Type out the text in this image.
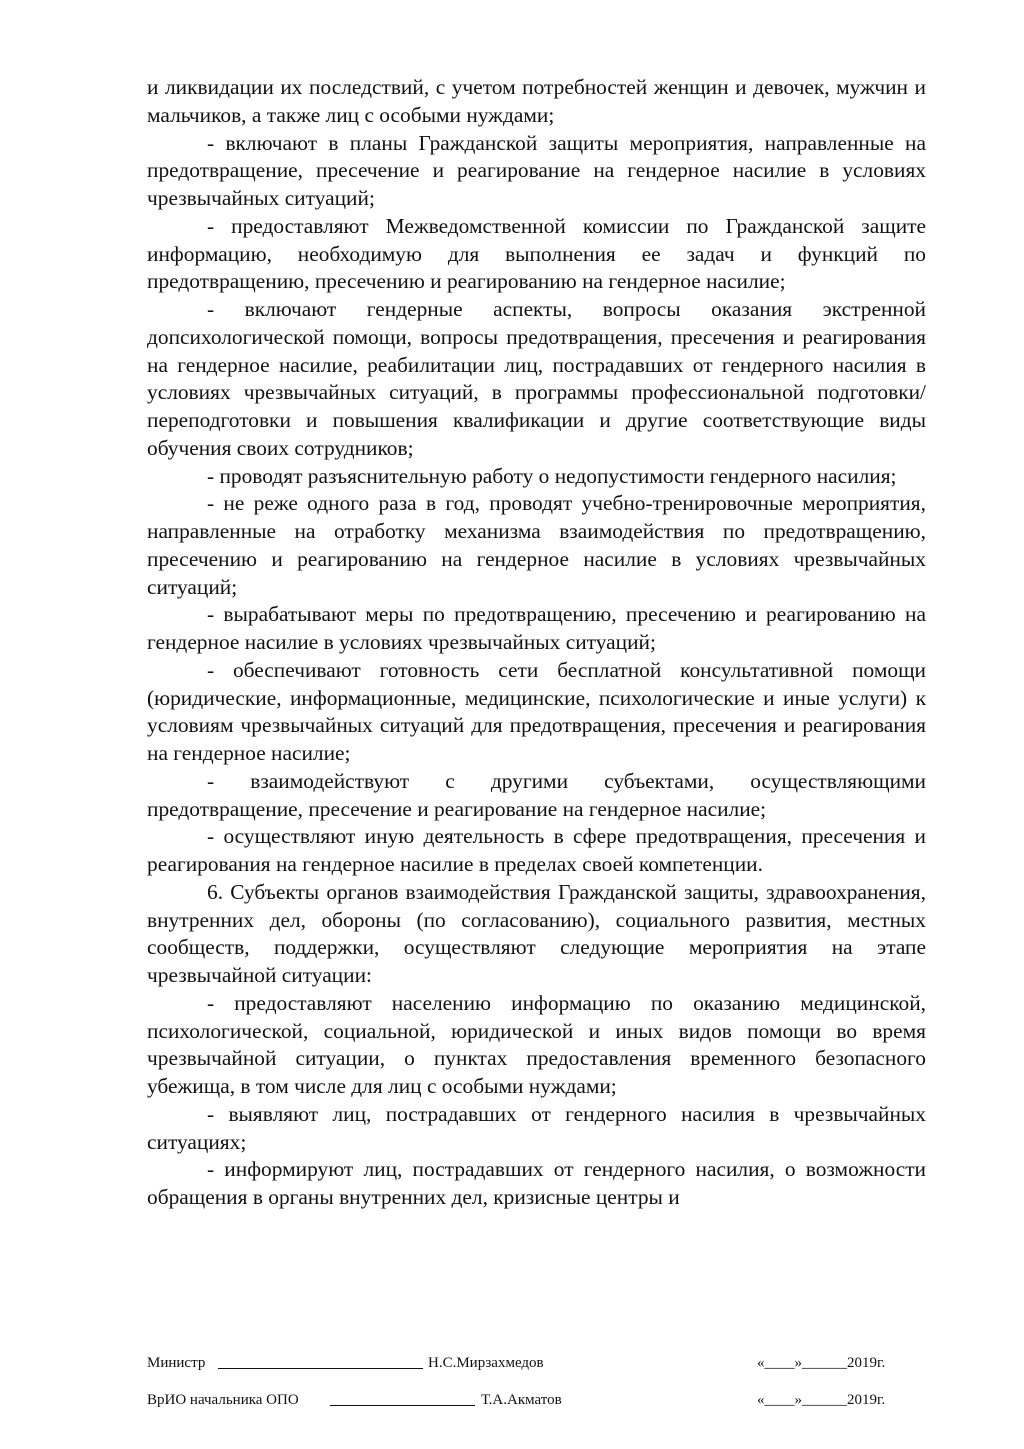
и ликвидации их последствий, с учетом потребностей женщин и девочек, мужчин и мальчиков, а также лиц с особыми нуждами;

- включают в планы Гражданской защиты мероприятия, направленные на предотвращение, пресечение и реагирование на гендерное насилие в условиях чрезвычайных ситуаций;

- предоставляют Межведомственной комиссии по Гражданской защите информацию, необходимую для выполнения ее задач и функций по предотвращению, пресечению и реагированию на гендерное насилие;

- включают гендерные аспекты, вопросы оказания экстренной допсихологической помощи, вопросы предотвращения, пресечения и реагирования на гендерное насилие, реабилитации лиц, пострадавших от гендерного насилия в условиях чрезвычайных ситуаций, в программы профессиональной подготовки/переподготовки и повышения квалификации и другие соответствующие виды обучения своих сотрудников;

- проводят разъяснительную работу о недопустимости гендерного насилия;

- не реже одного раза в год, проводят учебно-тренировочные мероприятия, направленные на отработку механизма взаимодействия по предотвращению, пресечению и реагированию на гендерное насилие в условиях чрезвычайных ситуаций;

- вырабатывают меры по предотвращению, пресечению и реагированию на гендерное насилие в условиях чрезвычайных ситуаций;

- обеспечивают готовность сети бесплатной консультативной помощи (юридические, информационные, медицинские, психологические и иные услуги) к условиям чрезвычайных ситуаций для предотвращения, пресечения и реагирования на гендерное насилие;

- взаимодействуют с другими субъектами, осуществляющими предотвращение, пресечение и реагирование на гендерное насилие;

- осуществляют иную деятельность в сфере предотвращения, пресечения и реагирования на гендерное насилие в пределах своей компетенции.

6. Субъекты органов взаимодействия Гражданской защиты, здравоохранения, внутренних дел, обороны (по согласованию), социального развития, местных сообществ, поддержки, осуществляют следующие мероприятия на этапе чрезвычайной ситуации:

- предоставляют населению информацию по оказанию медицинской, психологической, социальной, юридической и иных видов помощи во время чрезвычайной ситуации, о пунктах предоставления временного безопасного убежища, в том числе для лиц с особыми нуждами;

- выявляют лиц, пострадавших от гендерного насилия в чрезвычайных ситуациях;

- информируют лиц, пострадавших от гендерного насилия, о возможности обращения в органы внутренних дел, кризисные центры и

Министр	Н.С.Мирзахмедов	«____»______2019г.
ВрИО начальника ОПО	Т.А.Акматов	«____»______2019г.
